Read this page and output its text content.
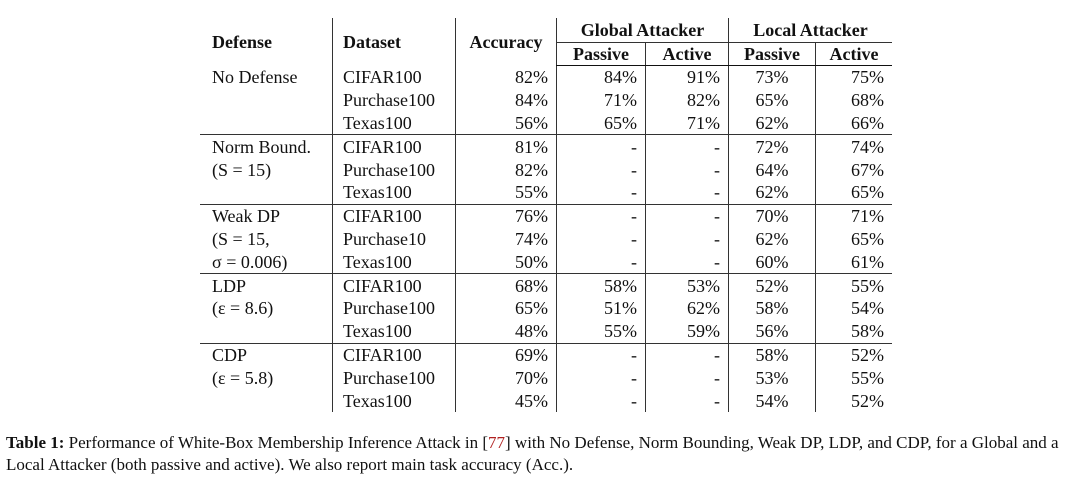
Defense	Dataset	Accuracy	Global Attacker		Local Attacker	
			Passive	Active	Passive	Active
No Defense	CIFAR100	82%	84%	91%	73%	75%
	Purchase100	84%	71%	82%	65%	68%
	Texas100	56%	65%	71%	62%	66%
Norm Bound.	CIFAR100	81%	-	-	72%	74%
(S = 15)	Purchase100	82%	-	-	64%	67%
	Texas100	55%	-	-	62%	65%
Weak DP	CIFAR100	76%	-	-	70%	71%
(S = 15,	Purchase10	74%	-	-	62%	65%
σ = 0.006)	Texas100	50%	-	-	60%	61%
LDP	CIFAR100	68%	58%	53%	52%	55%
(ε = 8.6)	Purchase100	65%	51%	62%	58%	54%
	Texas100	48%	55%	59%	56%	58%
CDP	CIFAR100	69%	-	-	58%	52%
(ε = 5.8)	Purchase100	70%	-	-	53%	55%
	Texas100	45%	-	-	54%	52%
Table 1: Performance of White-Box Membership Inference Attack in [77] with No Defense, Norm Bounding, Weak DP, LDP, and CDP, for a Global and a Local Attacker (both passive and active). We also report main task accuracy (Acc.).
